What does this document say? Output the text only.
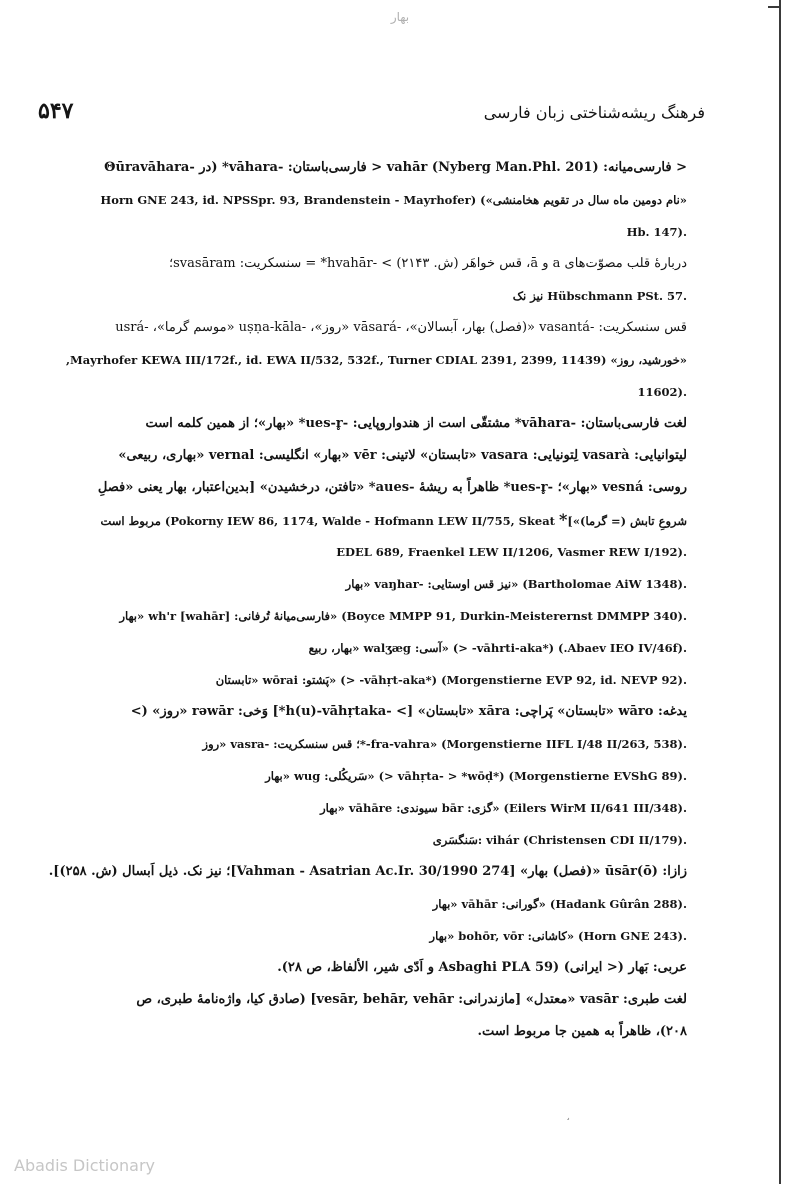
بهار
۵۴۷	فرهنگ ریشه‌شناختی زبان فارسی
< فارسی‌میانه: vahār (Nyberg Man.Phl. 201) < فارسی‌باستان: -vāhara* (در -Θūravāhara
«نام دومین ماه سال در تقویم هخامنشی») (Horn GNE 243, id. NPSSpr. 93, Brandenstein - Mayrhofer
.(Hb. 147
دربارهٔ قلب مصوّت‌های a و ā، قس خواهَر (ش. ۲۱۴۳) > -hvahār* = سنسکریت: svasāram؛
.Hübschmann PSt. 57 نیز نک
قس سنسکریت: -vasantá «(فصل) بهار، آبسالان»، -vāsará «روز»، -uṣṇa-kāla «موسم گرما»، -usrá
«خورشید، روز» (Mayrhofer KEWA III/172f., id. EWA II/532, 532f., Turner CDIAL 2391, 2399, 11439,
.(11602
لغت فارسی‌باستان: -vāhara* مشتقّی است از هندواروپایی: -ues-r̥* «بهار»؛ از همین کلمه است
لیتوانیایی: vasarà لِتونیایی: vasara «تابستان» لاتینی: vēr «بهار» انگلیسی: vernal «بهاری، ربیعی»
روسی: vesná «بهار»؛ -ues-r̥* ظاهراً به ریشهٔ -aues* «تافتن، درخشیدن» [بدین‌اعتبار، بهار یعنی «فصلِ
شروعِ تابش (= گرما)»]* Pokorny IEW 86, 1174, Walde - Hofmann LEW II/755, Skeat) مربوط است
.(EDEL 689, Fraenkel LEW II/1206, Vasmer REW I/192
.(Bartholomae AiW 1348) «نیز قس اوستایی: -vaŋhar «بهار
.(Boyce MMPP 91, Durkin-Meisterernst DMMPP 340) «فارسی‌میانهٔ تُرفانی: [wahār] wh'r «بهار
.(Abaev IEO IV/46f.) (*vāhrti-aka- <) «آسی: walʒæg «بهار، ربیع
.(Morgenstierne EVP 92, id. NEVP 92) (*vāhṛt-aka- <) «پَشتو: wōrai «تابستان
یدغه: wāro «تابستان» پَراچی: xāra «تابستان» [> -h(u)-vāhṛtaka*] وَخی: rəwār «روز» (>
.(Morgenstierne IIFL I/48 II/263, 538) «fra-vahra-*؛ قس سنسکریت: -vasra «روز
.(Morgenstierne EVShG 89) (*vāhṛta- > *wōḍ <) «سَریکُلی: wug «بهار
.(Eilers WirM II/641 III/348) «گزی: bār سیوندی: vāhāre «بهار
.(Christensen CDI II/179) vihár :سَنگسَری
زازا: ūsār(ō) «(فصل) بهار» [Vahman - Asatrian Ac.Ir. 30/1990 274]؛ نیز نک. ذیل اَبسال (ش. ۲۵۸)].
.(Hadank Gûrân 288) «گورانی: vāhār «بهار
.(Horn GNE 243) «کاشانی: bohōr, vōr «بهار
عربی: بَهار (< ایرانی) (Asbaghi PLA 59 و اَدّی شیر، الألفاظ، ص ۲۸).
لغت طبری: vasār «معتدل» [مازندرانی: vesār, behār, vehār] (صادق کیا، واژه‌نامهٔ طبری، ص
۲۰۸)، ظاهراً به همین جا مربوط است.
¸
Abadis Dictionary
